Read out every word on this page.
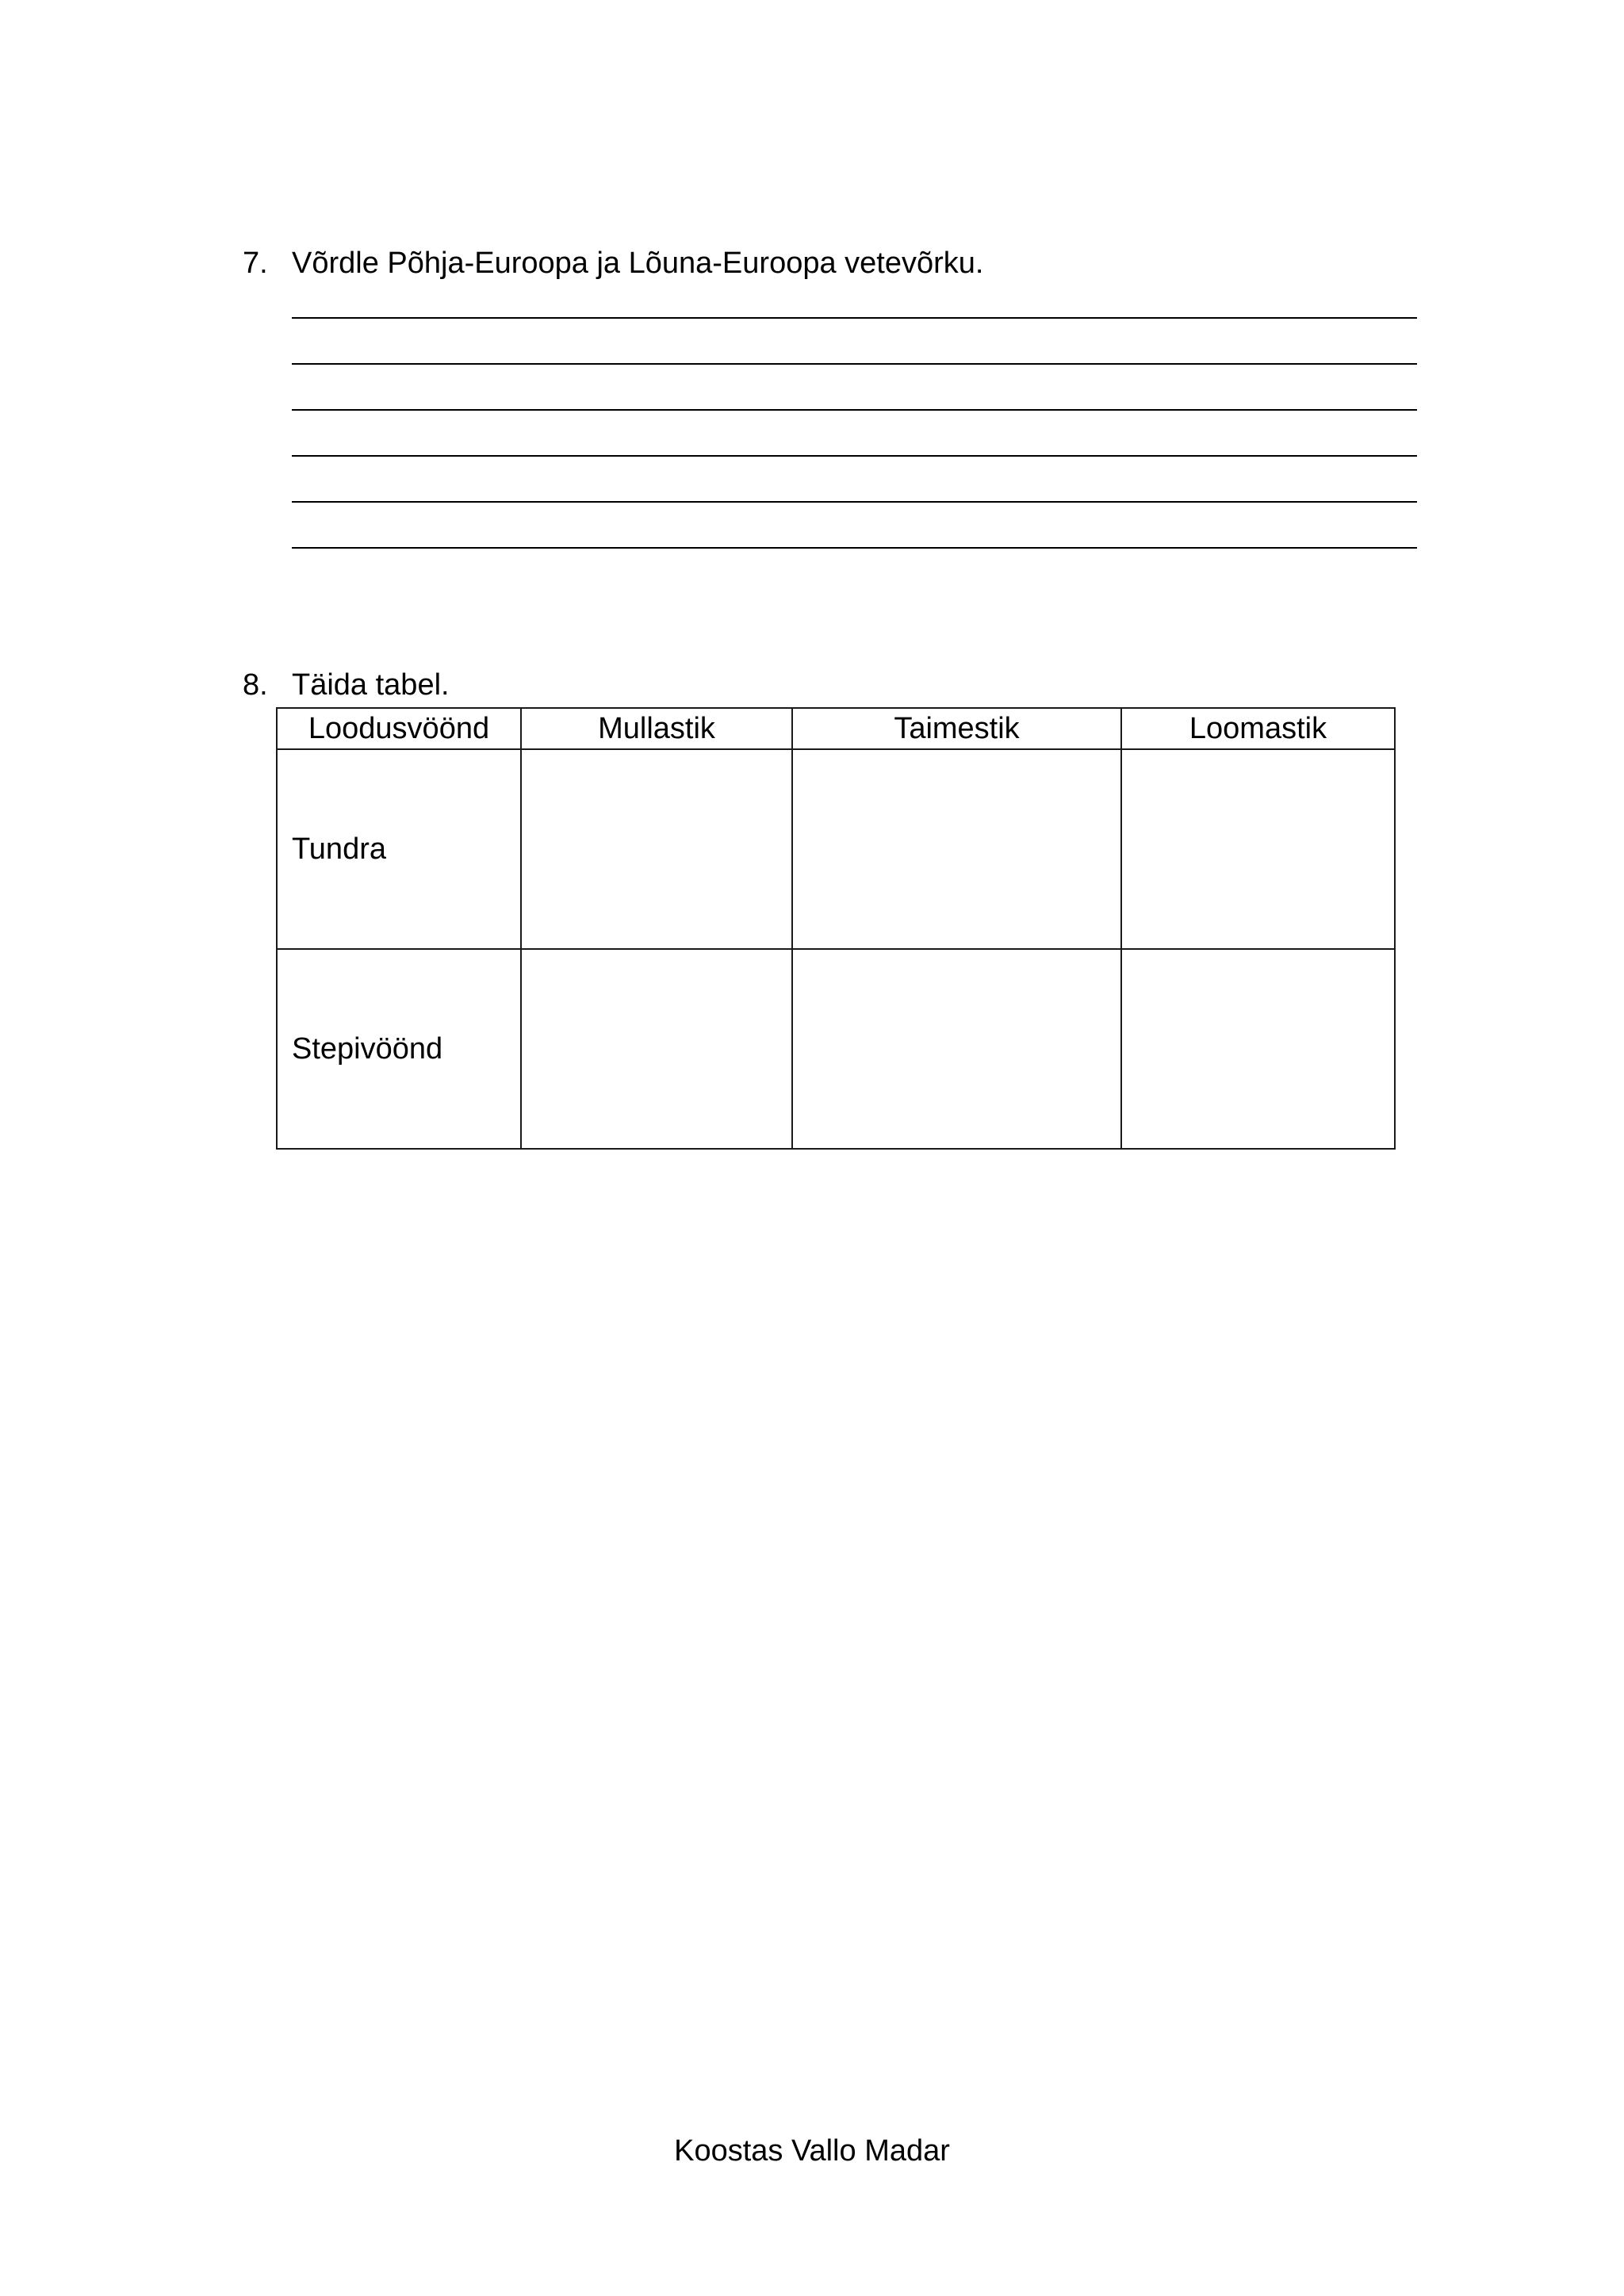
7. Võrdle Põhja-Euroopa ja Lõuna-Euroopa vetevõrku.
8. Täida tabel.
Loodusvöönd	Mullastik	Taimestik	Loomastik
Tundra			
Stepivöönd			
Koostas Vallo Madar
